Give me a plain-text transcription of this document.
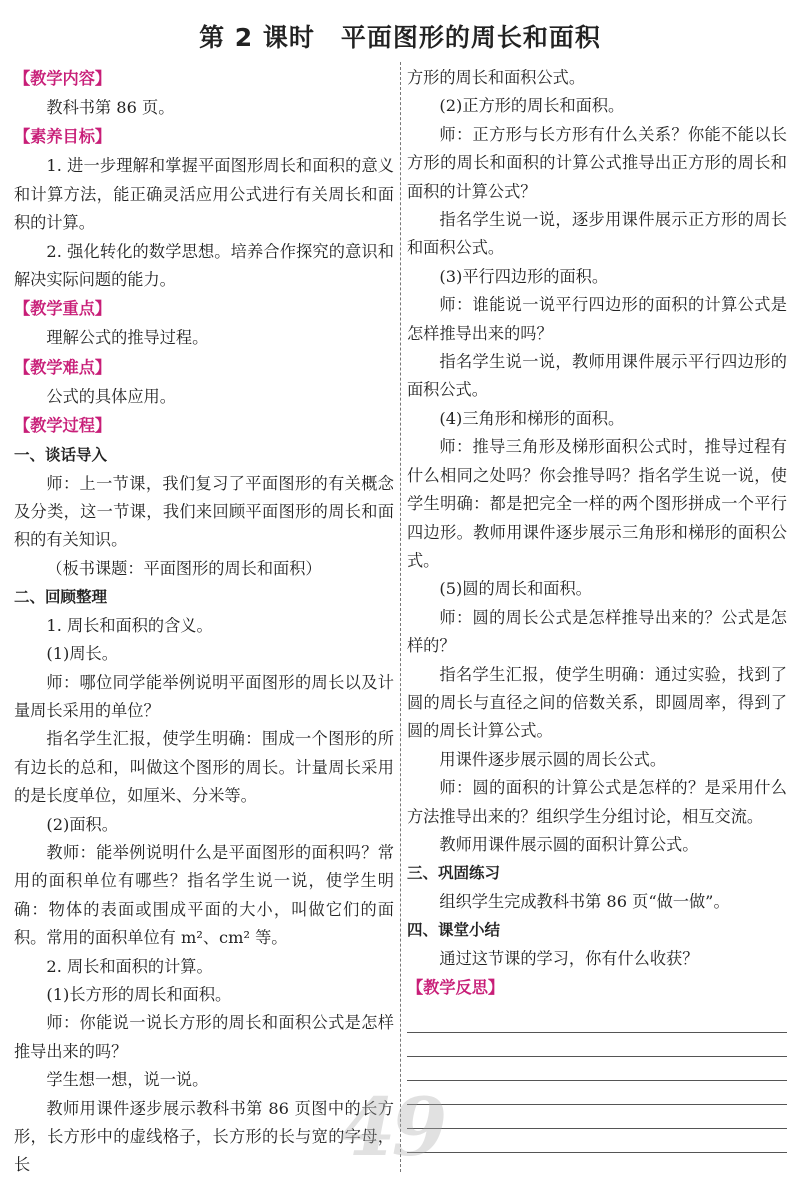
第 2 课时　平面图形的周长和面积

【教学内容】

教科书第 86 页。

【素养目标】

1. 进一步理解和掌握平面图形周长和面积的意义和计算方法，能正确灵活应用公式进行有关周长和面积的计算。

2. 强化转化的数学思想。培养合作探究的意识和解决实际问题的能力。

【教学重点】

理解公式的推导过程。

【教学难点】

公式的具体应用。

【教学过程】

一、谈话导入

师：上一节课，我们复习了平面图形的有关概念及分类，这一节课，我们来回顾平面图形的周长和面积的有关知识。

（板书课题：平面图形的周长和面积）

二、回顾整理

1. 周长和面积的含义。

(1)周长。

师：哪位同学能举例说明平面图形的周长以及计量周长采用的单位？

指名学生汇报，使学生明确：围成一个图形的所有边长的总和，叫做这个图形的周长。计量周长采用的是长度单位，如厘米、分米等。

(2)面积。

教师：能举例说明什么是平面图形的面积吗？常用的面积单位有哪些？指名学生说一说，使学生明确：物体的表面或围成平面的大小，叫做它们的面积。常用的面积单位有 m²、cm² 等。

2. 周长和面积的计算。

(1)长方形的周长和面积。

师：你能说一说长方形的周长和面积公式是怎样推导出来的吗？

学生想一想，说一说。

教师用课件逐步展示教科书第 86 页图中的长方形，长方形中的虚线格子，长方形的长与宽的字母，长

方形的周长和面积公式。

(2)正方形的周长和面积。

师：正方形与长方形有什么关系？你能不能以长方形的周长和面积的计算公式推导出正方形的周长和面积的计算公式？

指名学生说一说，逐步用课件展示正方形的周长和面积公式。

(3)平行四边形的面积。

师：谁能说一说平行四边形的面积的计算公式是怎样推导出来的吗？

指名学生说一说，教师用课件展示平行四边形的面积公式。

(4)三角形和梯形的面积。

师：推导三角形及梯形面积公式时，推导过程有什么相同之处吗？你会推导吗？指名学生说一说，使学生明确：都是把完全一样的两个图形拼成一个平行四边形。教师用课件逐步展示三角形和梯形的面积公式。

(5)圆的周长和面积。

师：圆的周长公式是怎样推导出来的？公式是怎样的？

指名学生汇报，使学生明确：通过实验，找到了圆的周长与直径之间的倍数关系，即圆周率，得到了圆的周长计算公式。

用课件逐步展示圆的周长公式。

师：圆的面积的计算公式是怎样的？是采用什么方法推导出来的？组织学生分组讨论，相互交流。

教师用课件展示圆的面积计算公式。

三、巩固练习

组织学生完成教科书第 86 页“做一做”。

四、课堂小结

通过这节课的学习，你有什么收获？

【教学反思】

49
